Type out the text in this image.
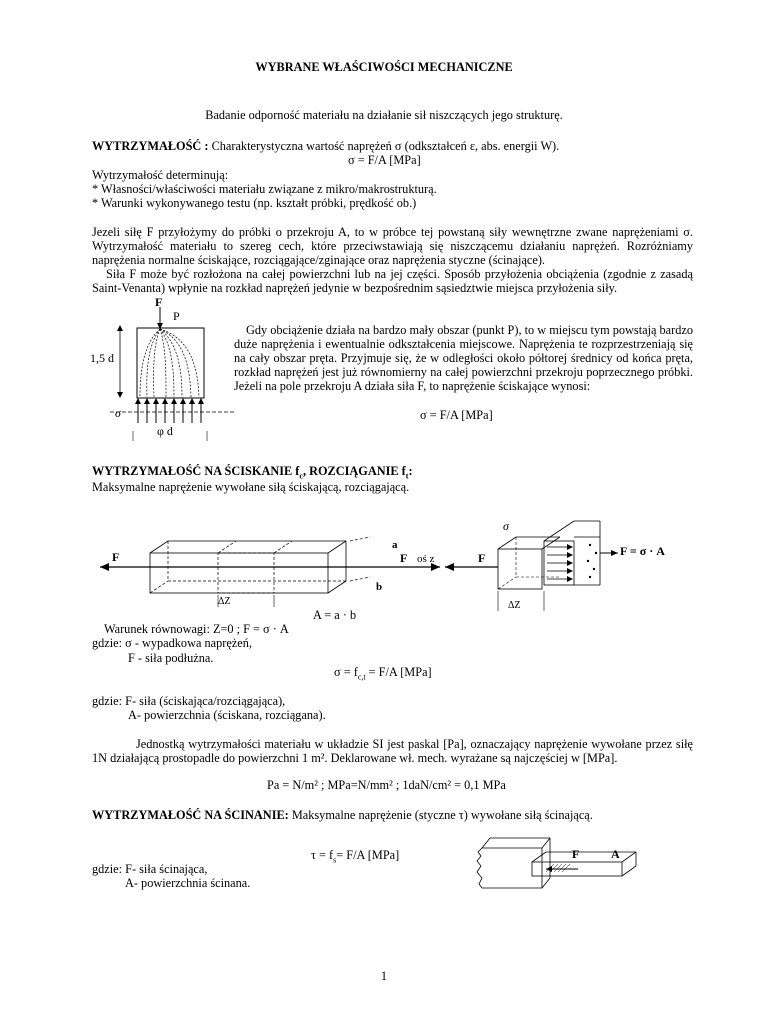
WYBRANE WŁAŚCIWOŚCI MECHANICZNE
Badanie odporność materiału na działanie sił niszczących jego strukturę.
WYTRZYMAŁOŚĆ : Charakterystyczna wartość naprężeń σ (odkształceń ε, abs. energii W).
σ = F/A [MPa]
Wytrzymałość determinują:
* Własności/właściwości materiału związane z mikro/makrostrukturą.
* Warunki wykonywanego testu (np. kształt próbki, prędkość ob.)
Jezeli siłę F przyłożymy do próbki o przekroju A, to w próbce tej powstaną siły wewnętrzne zwane naprężeniami σ. Wytrzymałość materiału to szereg cech, które przeciwstawiają się niszczącemu działaniu naprężeń. Rozróżniamy naprężenia normalne ściskające, rozciągające/zginające oraz naprężenia styczne (ścinające).
Siła F może być rozłożona na całej powierzchni lub na jej części. Sposób przyłożenia obciążenia (zgodnie z zasadą Saint-Venanta) wpłynie na rozkład naprężeń jedynie w bezpośrednim sąsiedztwie miejsca przyłożenia siły.
F
P
1,5 d
σ
φ d
Gdy obciążenie działa na bardzo mały obszar (punkt P), to w miejscu tym powstają bardzo duże naprężenia i ewentualnie odkształcenia miejscowe. Naprężenia te rozprzestrzeniają się na cały obszar pręta. Przyjmuje się, że w odległości około półtorej średnicy od końca pręta, rozkład naprężeń jest już równomierny na całej powierzchni przekroju poprzecznego próbki. Jeżeli na pole przekroju A działa siła F, to naprężenie ściskające wynosi:
σ = F/A [MPa]
WYTRZYMAŁOŚĆ NA ŚCISKANIE $f_c$, ROZCIĄGANIE $f_t$:
Maksymalne naprężenie wywołane siłą ściskającą, rozciągającą.
F
ΔZ
a
F oś z
b
F
σ
F = σ · A
ΔZ
A = a · b
Warunek równowagi: Z=0 ; F = σ · A
gdzie: σ - wypadkowa naprężeń,
F - siła podłużna.
$\sigma = f_{c,t} = F/A$ [MPa]
gdzie: F- siła (ściskająca/rozciągająca),
A- powierzchnia (ściskana, rozciągana).
Jednostką wytrzymałości materiału w układzie SI jest paskal [Pa], oznaczający naprężenie wywołane przez siłę 1N działającą prostopadle do powierzchni 1 m². Deklarowane wł. mech. wyrażane są najczęściej w [MPa].
Pa = N/m² ; MPa=N/mm² ; 1daN/cm² = 0,1 MPa
WYTRZYMAŁOŚĆ NA ŚCINANIE: Maksymalne naprężenie (styczne τ) wywołane siłą ścinającą.
$\tau = f_s= F/A$ [MPa]
gdzie: F- siła ścinająca,
A- powierzchnia ścinana.
F	A
1
